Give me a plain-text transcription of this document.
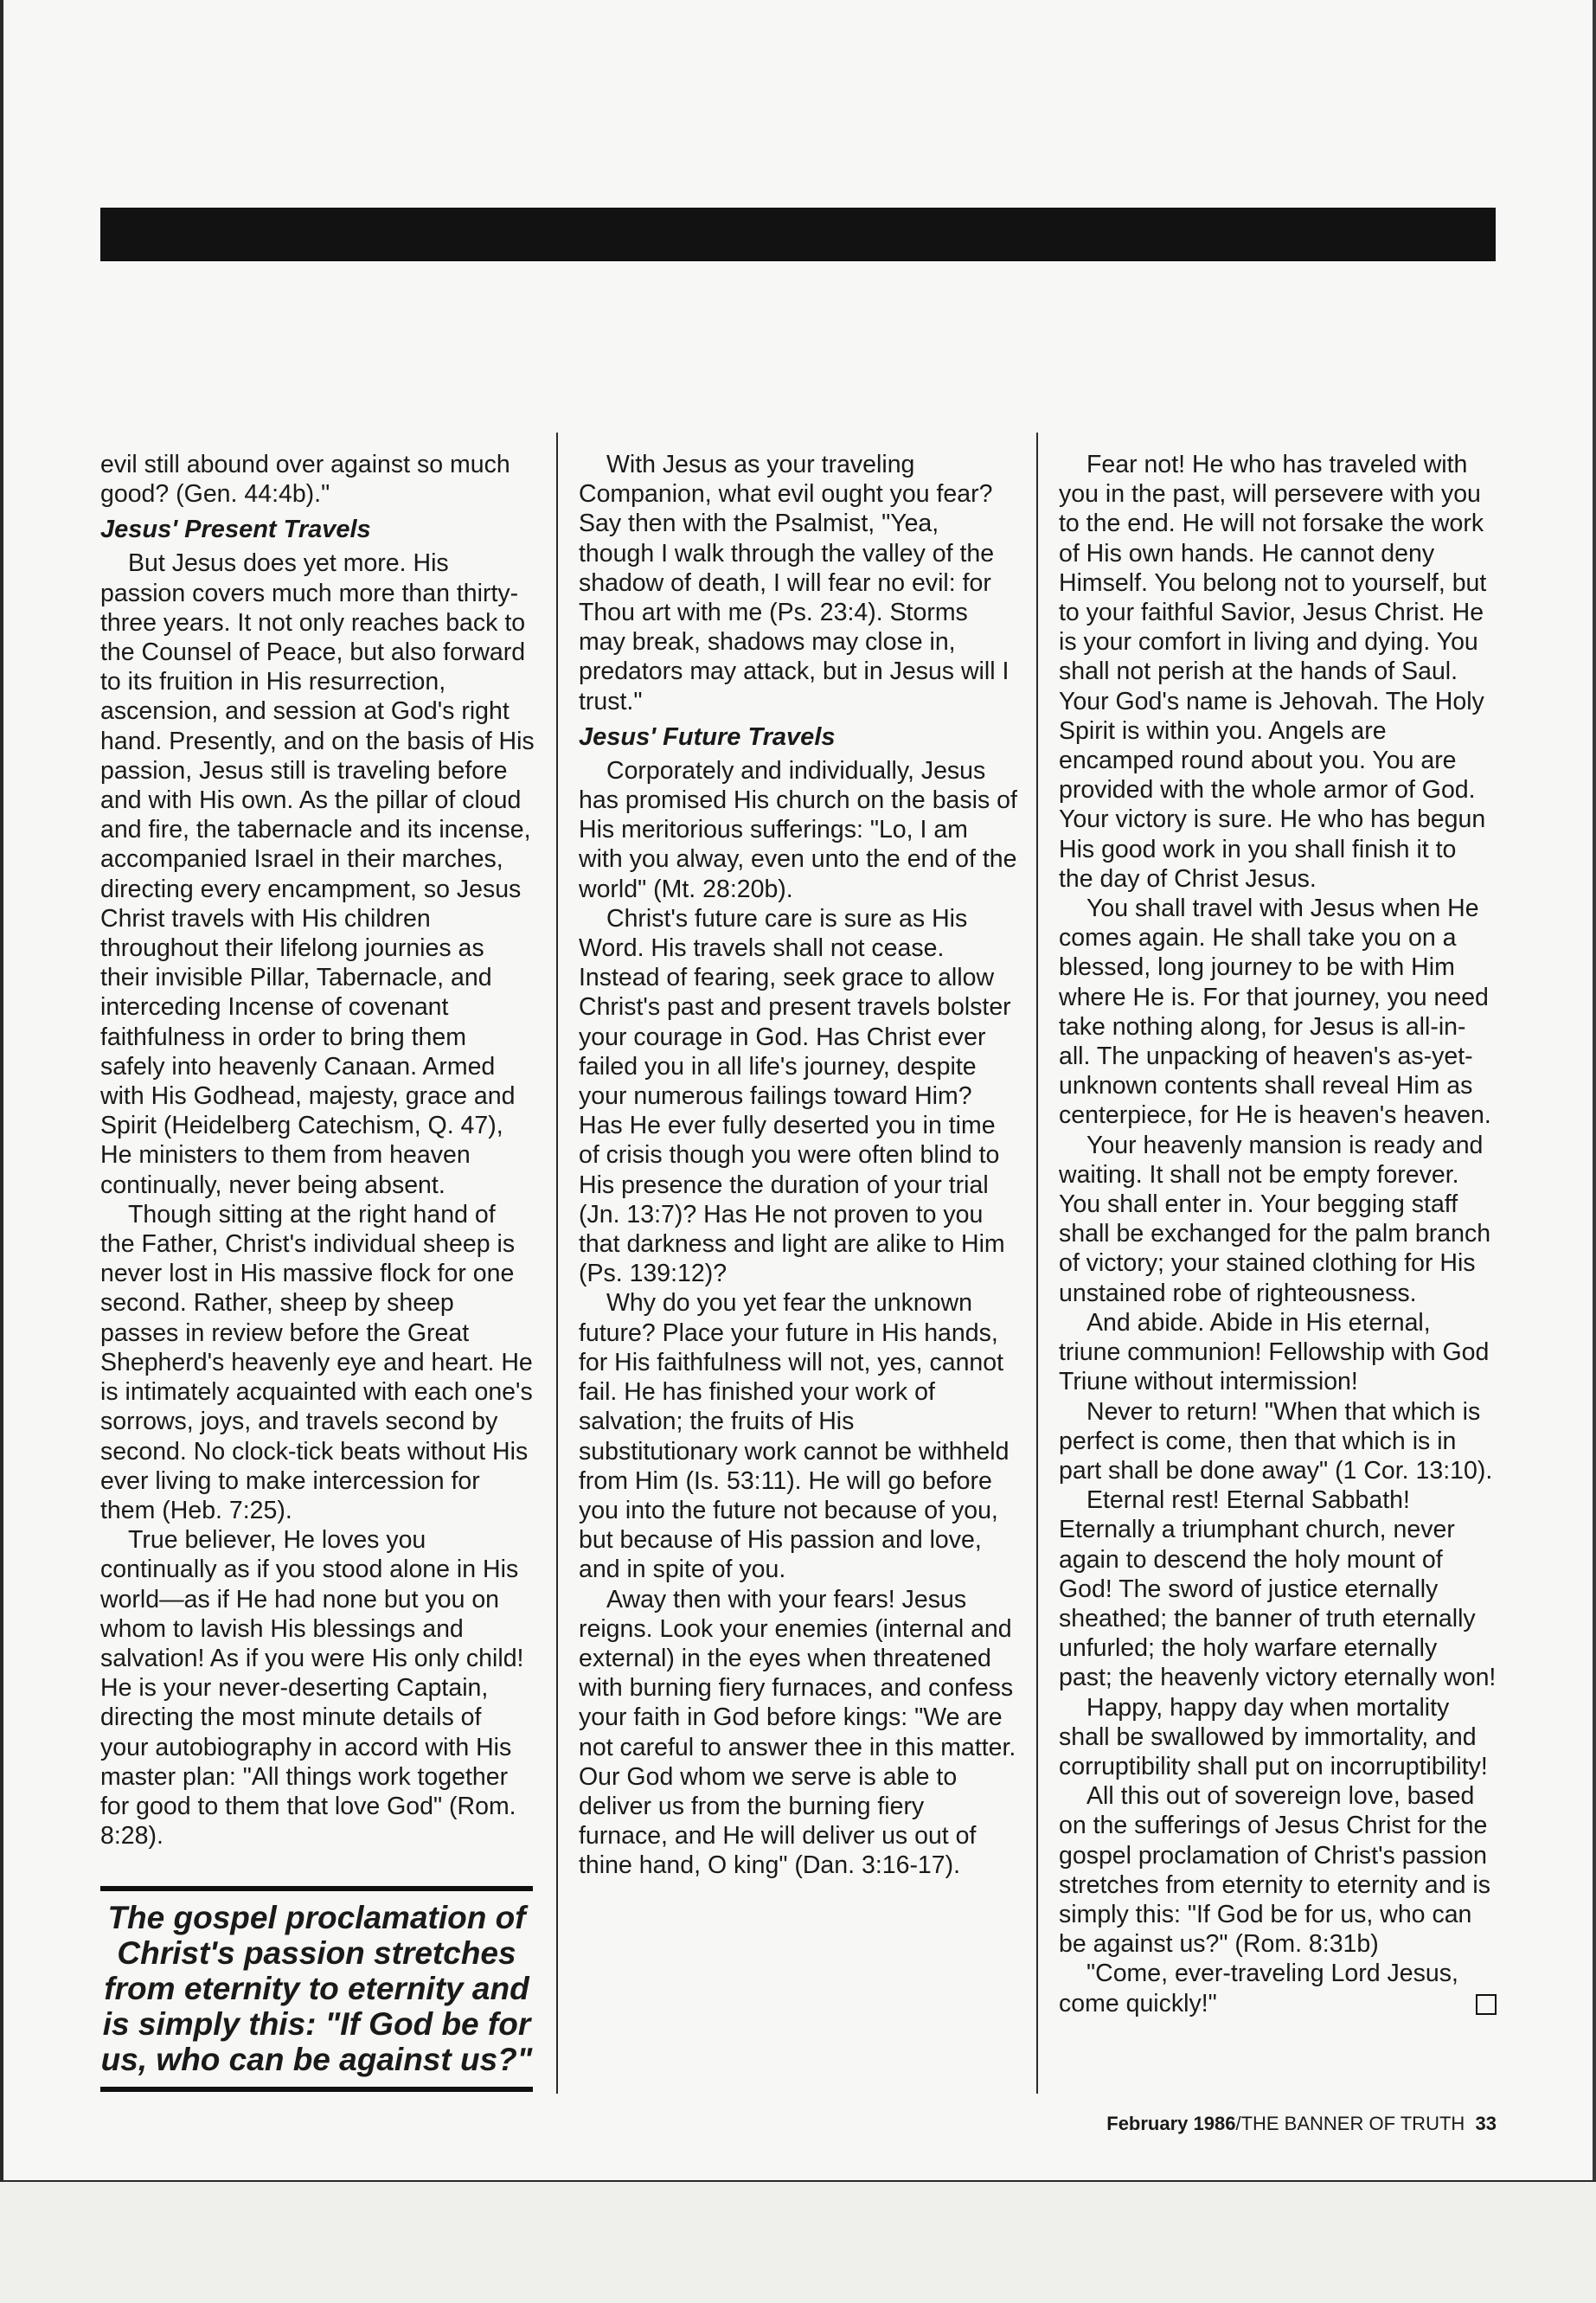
evil still abound over against so much good? (Gen. 44:4b)."

Jesus' Present Travels

But Jesus does yet more. His passion covers much more than thirty-three years. It not only reaches back to the Counsel of Peace, but also forward to its fruition in His resurrection, ascension, and session at God's right hand. Presently, and on the basis of His passion, Jesus still is traveling before and with His own. As the pillar of cloud and fire, the tabernacle and its incense, accompanied Israel in their marches, directing every encampment, so Jesus Christ travels with His children throughout their lifelong journies as their invisible Pillar, Tabernacle, and interceding Incense of covenant faithfulness in order to bring them safely into heavenly Canaan. Armed with His Godhead, majesty, grace and Spirit (Heidelberg Catechism, Q. 47), He ministers to them from heaven continually, never being absent.

Though sitting at the right hand of the Father, Christ's individual sheep is never lost in His massive flock for one second. Rather, sheep by sheep passes in review before the Great Shepherd's heavenly eye and heart. He is intimately acquainted with each one's sorrows, joys, and travels second by second. No clock-tick beats without His ever living to make intercession for them (Heb. 7:25).

True believer, He loves you continually as if you stood alone in His world—as if He had none but you on whom to lavish His blessings and salvation! As if you were His only child! He is your never-deserting Captain, directing the most minute details of your autobiography in accord with His master plan: "All things work together for good to them that love God" (Rom. 8:28).

The gospel proclamation of Christ's passion stretches from eternity to eternity and is simply this: "If God be for us, who can be against us?"

With Jesus as your traveling Companion, what evil ought you fear? Say then with the Psalmist, "Yea, though I walk through the valley of the shadow of death, I will fear no evil: for Thou art with me (Ps. 23:4). Storms may break, shadows may close in, predators may attack, but in Jesus will I trust."

Jesus' Future Travels

Corporately and individually, Jesus has promised His church on the basis of His meritorious sufferings: "Lo, I am with you alway, even unto the end of the world" (Mt. 28:20b).

Christ's future care is sure as His Word. His travels shall not cease. Instead of fearing, seek grace to allow Christ's past and present travels bolster your courage in God. Has Christ ever failed you in all life's journey, despite your numerous failings toward Him? Has He ever fully deserted you in time of crisis though you were often blind to His presence the duration of your trial (Jn. 13:7)? Has He not proven to you that darkness and light are alike to Him (Ps. 139:12)?

Why do you yet fear the unknown future? Place your future in His hands, for His faithfulness will not, yes, cannot fail. He has finished your work of salvation; the fruits of His substitutionary work cannot be withheld from Him (Is. 53:11). He will go before you into the future not because of you, but because of His passion and love, and in spite of you.

Away then with your fears! Jesus reigns. Look your enemies (internal and external) in the eyes when threatened with burning fiery furnaces, and confess your faith in God before kings: "We are not careful to answer thee in this matter. Our God whom we serve is able to deliver us from the burning fiery furnace, and He will deliver us out of thine hand, O king" (Dan. 3:16-17).

Fear not! He who has traveled with you in the past, will persevere with you to the end. He will not forsake the work of His own hands. He cannot deny Himself. You belong not to yourself, but to your faithful Savior, Jesus Christ. He is your comfort in living and dying. You shall not perish at the hands of Saul. Your God's name is Jehovah. The Holy Spirit is within you. Angels are encamped round about you. You are provided with the whole armor of God. Your victory is sure. He who has begun His good work in you shall finish it to the day of Christ Jesus.

You shall travel with Jesus when He comes again. He shall take you on a blessed, long journey to be with Him where He is. For that journey, you need take nothing along, for Jesus is all-in-all. The unpacking of heaven's as-yet-unknown contents shall reveal Him as centerpiece, for He is heaven's heaven.

Your heavenly mansion is ready and waiting. It shall not be empty forever. You shall enter in. Your begging staff shall be exchanged for the palm branch of victory; your stained clothing for His unstained robe of righteousness.

And abide. Abide in His eternal, triune communion! Fellowship with God Triune without intermission!

Never to return! "When that which is perfect is come, then that which is in part shall be done away" (1 Cor. 13:10).

Eternal rest! Eternal Sabbath! Eternally a triumphant church, never again to descend the holy mount of God! The sword of justice eternally sheathed; the banner of truth eternally unfurled; the holy warfare eternally past; the heavenly victory eternally won!

Happy, happy day when mortality shall be swallowed by immortality, and corruptibility shall put on incorruptibility!

All this out of sovereign love, based on the sufferings of Jesus Christ for the gospel proclamation of Christ's passion stretches from eternity to eternity and is simply this: "If God be for us, who can be against us?" (Rom. 8:31b)

"Come, ever-traveling Lord Jesus, come quickly!"

February 1986/THE BANNER OF TRUTH 33
